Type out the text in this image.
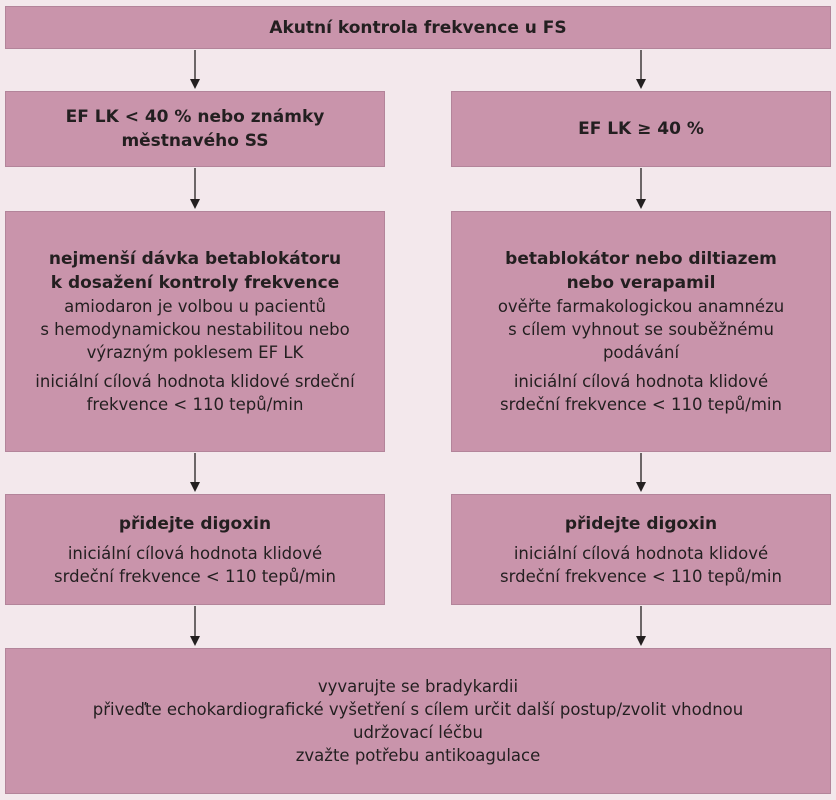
Akutní kontrola frekvence u FS
EF LK < 40 % nebo známky
městnavého SS
EF LK ≥ 40 %
nejmenší dávka betablokátoru
k dosažení kontroly frekvence
amiodaron je volbou u pacientů
s hemodynamickou nestabilitou nebo
výrazným poklesem EF LK
iniciální cílová hodnota klidové srdeční
frekvence < 110 tepů/min
betablokátor nebo diltiazem
nebo verapamil
ověřte farmakologickou anamnézu
s cílem vyhnout se souběžnému
podávání
iniciální cílová hodnota klidové
srdeční frekvence < 110 tepů/min
přidejte digoxin
iniciální cílová hodnota klidové
srdeční frekvence < 110 tepů/min
přidejte digoxin
iniciální cílová hodnota klidové
srdeční frekvence < 110 tepů/min
vyvarujte se bradykardii
přiveďte echokardiografické vyšetření s cílem určit další postup/zvolit vhodnou
udržovací léčbu
zvažte potřebu antikoagulace
